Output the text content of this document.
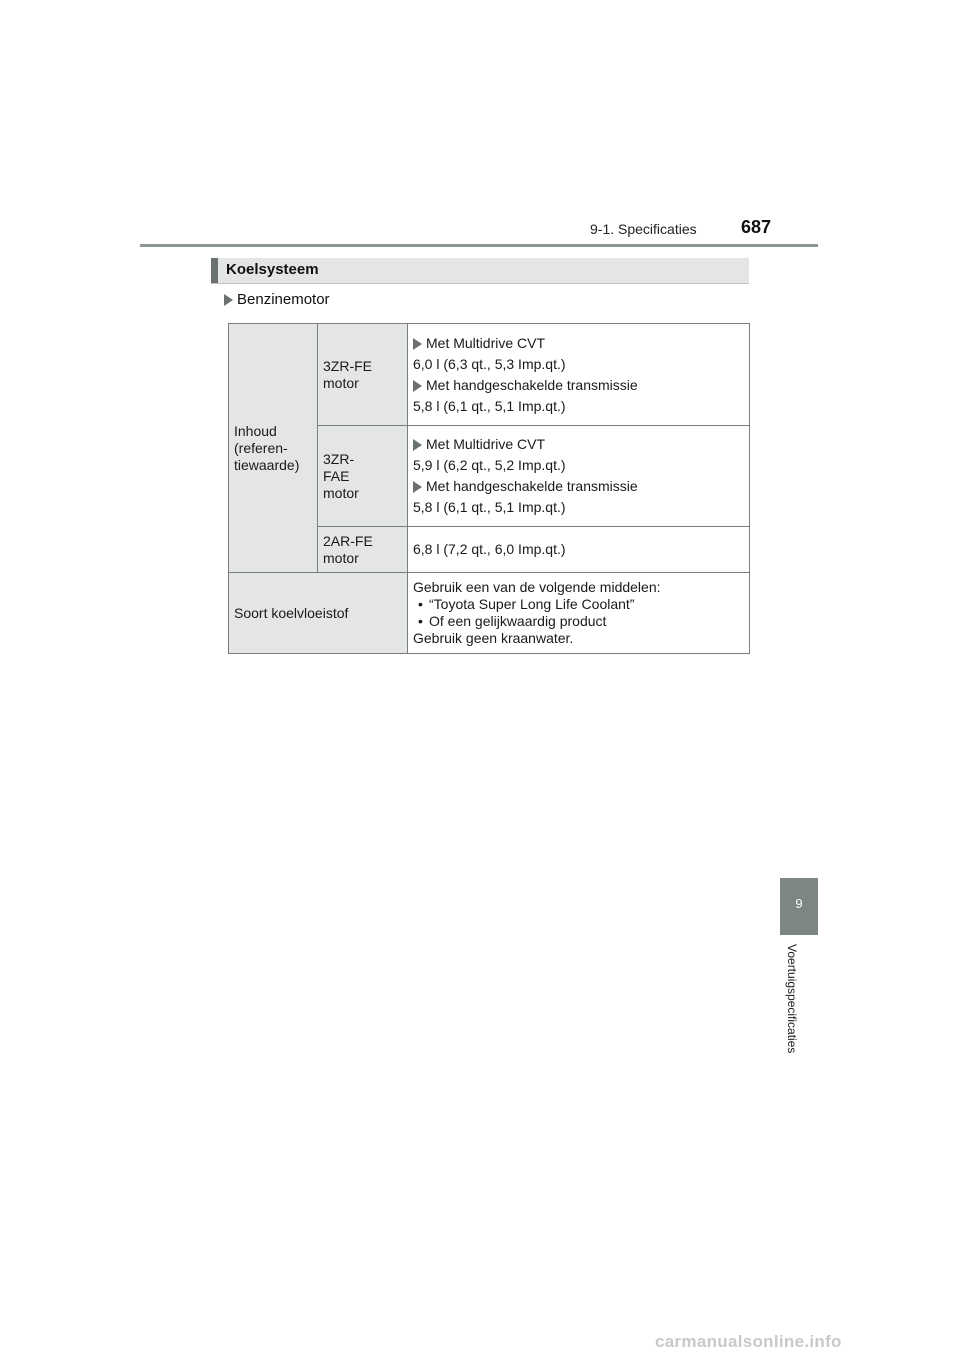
9-1. Specificaties 687
Koelsysteem
Benzinemotor
Inhoud (referen- tiewaarde)	3ZR-FE motor	Met Multidrive CVT
6,0 l (6,3 qt., 5,3 Imp.qt.)
Met handgeschakelde transmissie
5,8 l (6,1 qt., 5,1 Imp.qt.)

	3ZR-FAE motor	Met Multidrive CVT
5,9 l (6,2 qt., 5,2 Imp.qt.)
Met handgeschakelde transmissie
5,8 l (6,1 qt., 5,1 Imp.qt.)

	2AR-FE motor	6,8 l (7,2 qt., 6,0 Imp.qt.)
Soort koelvloeistof		Gebruik een van de volgende middelen:
• “Toyota Super Long Life Coolant”
• Of een gelijkwaardig product
Gebruik geen kraanwater.
9
Voertuigspecificaties
carmanualsonline.info
